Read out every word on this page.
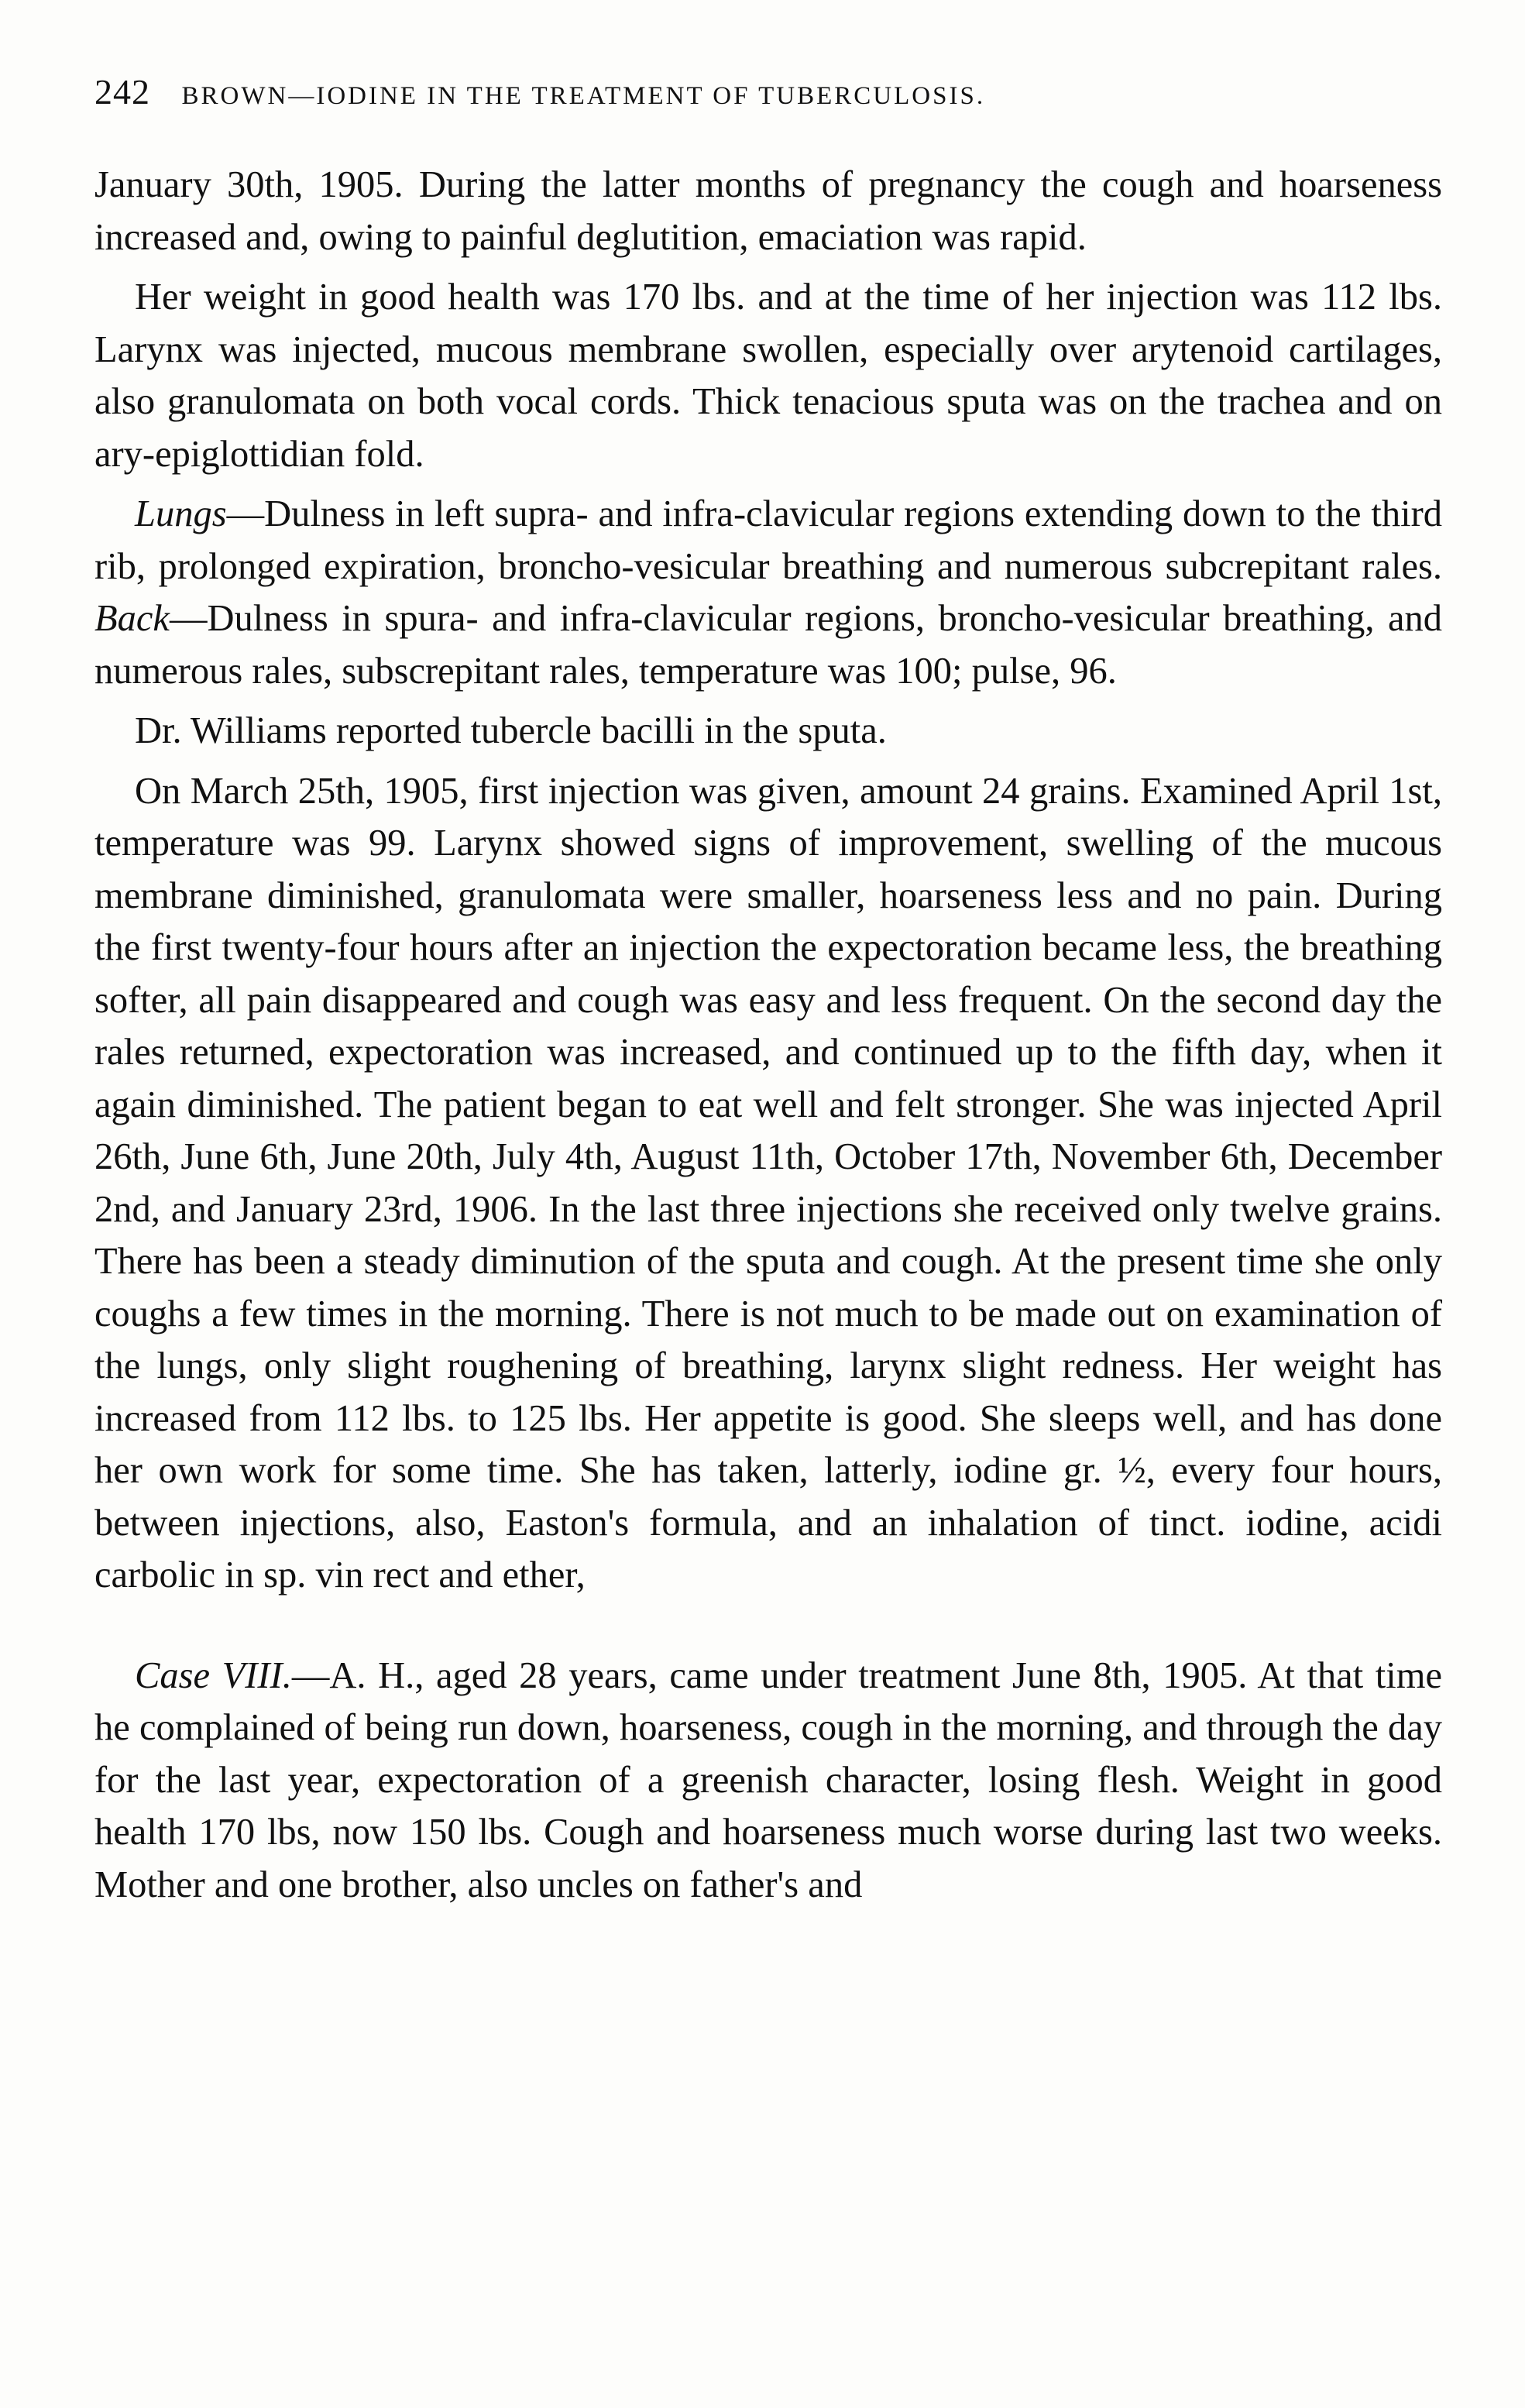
242 BROWN—IODINE IN THE TREATMENT OF TUBERCULOSIS.

January 30th, 1905. During the latter months of pregnancy the cough and hoarseness increased and, owing to painful deglutition, emaciation was rapid.

Her weight in good health was 170 lbs. and at the time of her injection was 112 lbs. Larynx was injected, mucous membrane swollen, especially over arytenoid cartilages, also granulomata on both vocal cords. Thick tenacious sputa was on the trachea and on ary-epiglottidian fold.

Lungs—Dulness in left supra- and infra-clavicular regions extending down to the third rib, prolonged expiration, broncho-vesicular breathing and numerous subcrepitant rales. Back—Dulness in spura- and infra-clavicular regions, broncho-vesicular breathing, and numerous rales, subscrepitant rales, temperature was 100; pulse, 96.

Dr. Williams reported tubercle bacilli in the sputa.

On March 25th, 1905, first injection was given, amount 24 grains. Examined April 1st, temperature was 99. Larynx showed signs of improvement, swelling of the mucous membrane diminished, granulomata were smaller, hoarseness less and no pain. During the first twenty-four hours after an injection the expectoration became less, the breathing softer, all pain disappeared and cough was easy and less frequent. On the second day the rales returned, expectoration was increased, and continued up to the fifth day, when it again diminished. The patient began to eat well and felt stronger. She was injected April 26th, June 6th, June 20th, July 4th, August 11th, October 17th, November 6th, December 2nd, and January 23rd, 1906. In the last three injections she received only twelve grains. There has been a steady diminution of the sputa and cough. At the present time she only coughs a few times in the morning. There is not much to be made out on examination of the lungs, only slight roughening of breathing, larynx slight redness. Her weight has increased from 112 lbs. to 125 lbs. Her appetite is good. She sleeps well, and has done her own work for some time. She has taken, latterly, iodine gr. ½, every four hours, between injections, also, Easton's formula, and an inhalation of tinct. iodine, acidi carbolic in sp. vin rect and ether,

Case VIII.—A. H., aged 28 years, came under treatment June 8th, 1905. At that time he complained of being run down, hoarseness, cough in the morning, and through the day for the last year, expectoration of a greenish character, losing flesh. Weight in good health 170 lbs, now 150 lbs. Cough and hoarseness much worse during last two weeks. Mother and one brother, also uncles on father's and
